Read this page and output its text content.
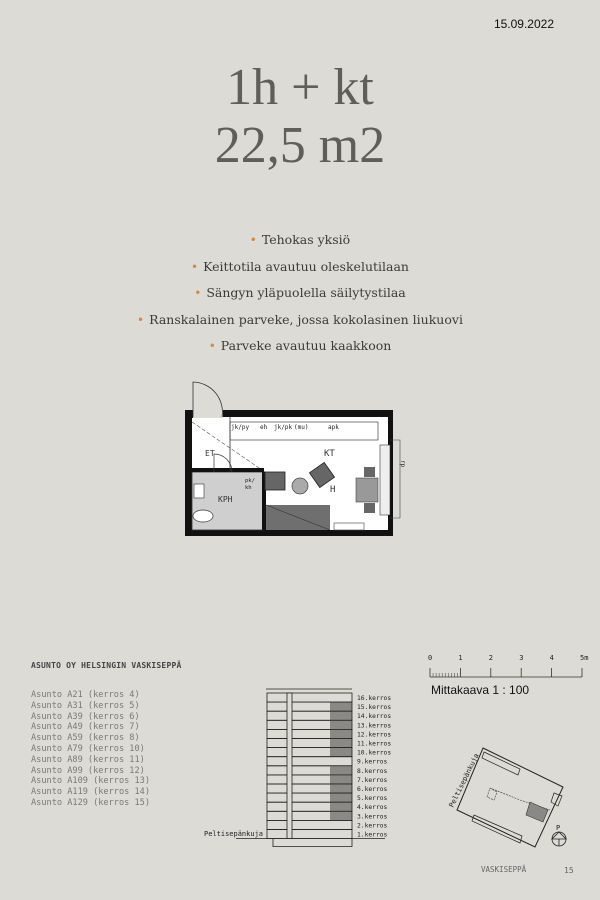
15.09.2022
1h + kt
22,5 m2
• Tehokas yksiö
• Keittotila avautuu oleskelutilaan
• Sängyn yläpuolella säilytystilaa
• Ranskalainen parveke, jossa kokolasinen liukuovi
• Parveke avautuu kaakkoon
ET	KT
H
KPH
jk/py eh jk/pk (mu)	apk
pk/
kh
rp
ASUNTO OY HELSINGIN VASKISEPPÄ
Asunto A21 (kerros 4)
Asunto A31 (kerros 5)
Asunto A39 (kerros 6)
Asunto A49 (kerros 7)
Asunto A59 (kerros 8)
Asunto A79 (kerros 10)
Asunto A89 (kerros 11)
Asunto A99 (kerros 12)
Asunto A109 (kerros 13)
Asunto A119 (kerros 14)
Asunto A129 (kerros 15)
16.kerros
15.kerros
14.kerros
13.kerros
12.kerros
11.kerros
10.kerros
9.kerros
8.kerros
7.kerros
6.kerros
5.kerros
4.kerros
3.kerros
2.kerros
1.kerros
Peltisepänkuja
0	1	2	3	4	5m
Mittakaava 1 : 100
Peltisepänkuja
P
VASKISEPPÄ	15
